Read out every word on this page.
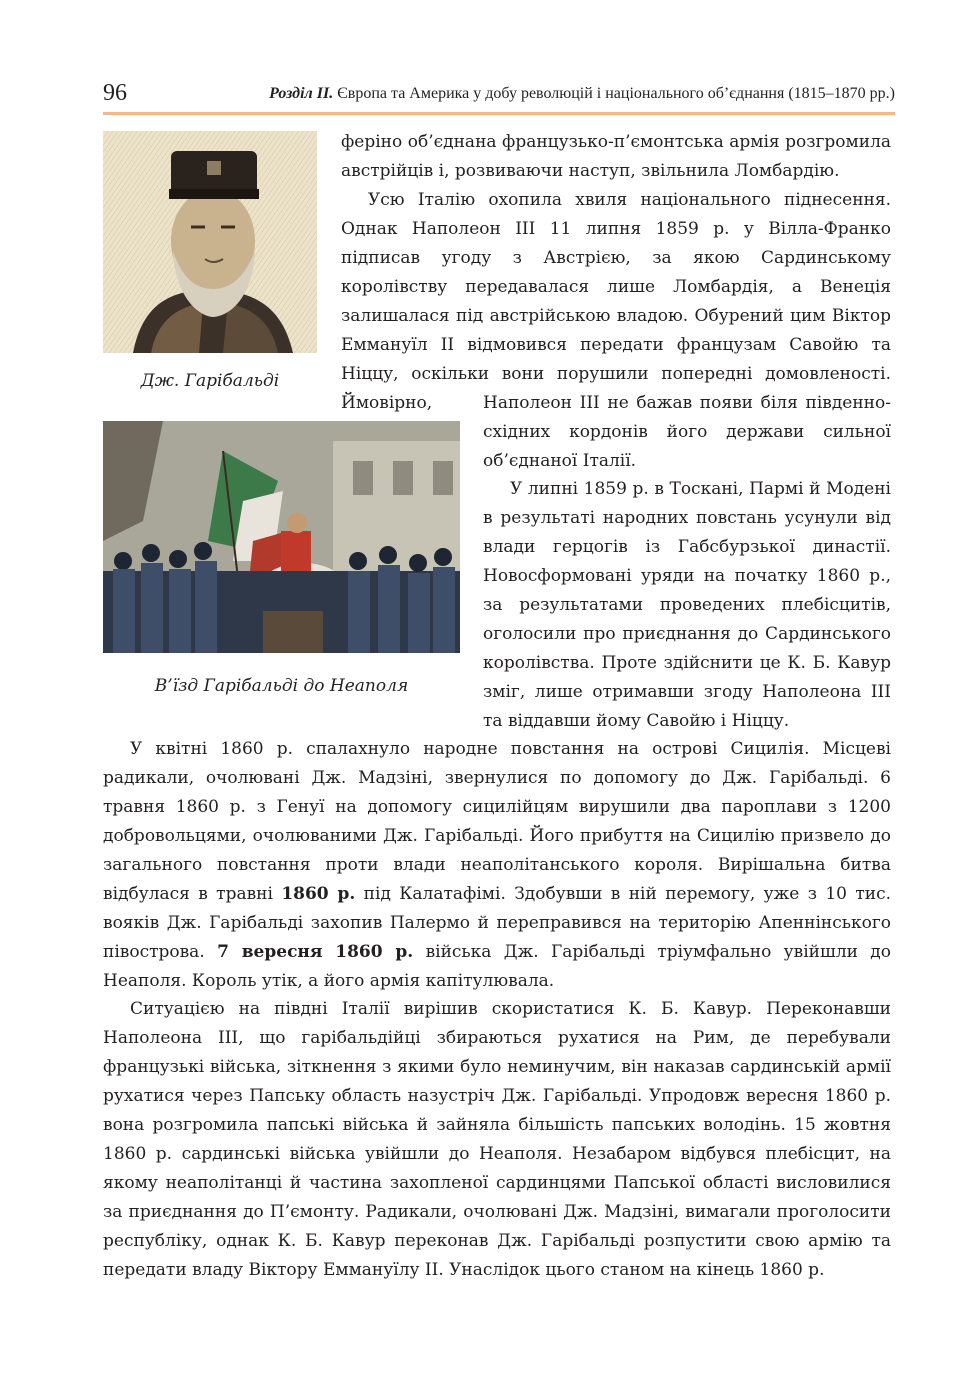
96	Розділ ІІ. Європа та Америка у добу революцій і національного об’єднання (1815–1870 рр.)
Дж. Гарібальді
В’їзд Гарібальді до Неаполя

феріно об’єднана французько-п’ємонтська армія розгромила австрійців і, розвиваючи наступ, звільнила Ломбардію.

Усю Італію охопила хвиля національного піднесення. Однак Наполеон ІІІ 11 липня 1859 р. у Вілла-Франко підписав угоду з Австрією, за якою Сардинському королівству передавалася лише Ломбардія, а Венеція залишалася під австрійською владою. Обурений цим Віктор Еммануїл ІІ відмовився передати французам Савойю та Ніццу, оскільки вони порушили попередні домовленості. Ймовірно,	Наполеон ІІІ не бажав появи біля південно-східних кордонів його держави сильної об’єднаної Італії.

У липні 1859 р. в Тоскані, Пармі й Модені в результаті народних повстань усунули від влади герцогів із Габсбурзької династії. Новосформовані уряди на початку 1860 р., за результатами проведених плебісцитів, оголосили про приєднання до Сардинського королівства. Проте здійснити це К. Б. Кавур зміг, лише отримавши згоду Наполеона ІІІ та віддавши йому Савойю і Ніццу.

У квітні 1860 р. спалахнуло народне повстання на острові Сицилія. Місцеві радикали, очолювані Дж. Мадзіні, звернулися по допомогу до Дж. Гарібальді. 6 травня 1860 р. з Генуї на допомогу сицилійцям вирушили два пароплави з 1200 добровольцями, очолюваними Дж. Гарібальді. Його прибуття на Сицилію призвело до загального повстання проти влади неаполітанського короля. Вирішальна битва відбулася в травні 1860 р. під Калатафімі. Здобувши в ній перемогу, уже з 10 тис. вояків Дж. Гарібальді захопив Палермо й переправився на територію Апеннінського півострова. 7 вересня 1860 р. війська Дж. Гарібальді тріумфально увійшли до Неаполя. Король утік, а його армія капітулювала.

Ситуацією на півдні Італії вирішив скористатися К. Б. Кавур. Переконавши Наполеона ІІІ, що гарібальдійці збираються рухатися на Рим, де перебували французькі війська, зіткнення з якими було неминучим, він наказав сардинській армії рухатися через Папську область назустріч Дж. Гарібальді. Упродовж вересня 1860 р. вона розгромила папські війська й зайняла більшість папських володінь. 15 жовтня 1860 р. сардинські війська увійшли до Неаполя. Незабаром відбувся плебісцит, на якому неаполітанці й частина захопленої сардинцями Папської області висловилися за приєднання до П’ємонту. Радикали, очолювані Дж. Мадзіні, вимагали проголосити республіку, однак К. Б. Кавур переконав Дж. Гарібальді розпустити свою армію та передати владу Віктору Еммануїлу ІІ. Унаслідок цього станом на кінець 1860 р.
